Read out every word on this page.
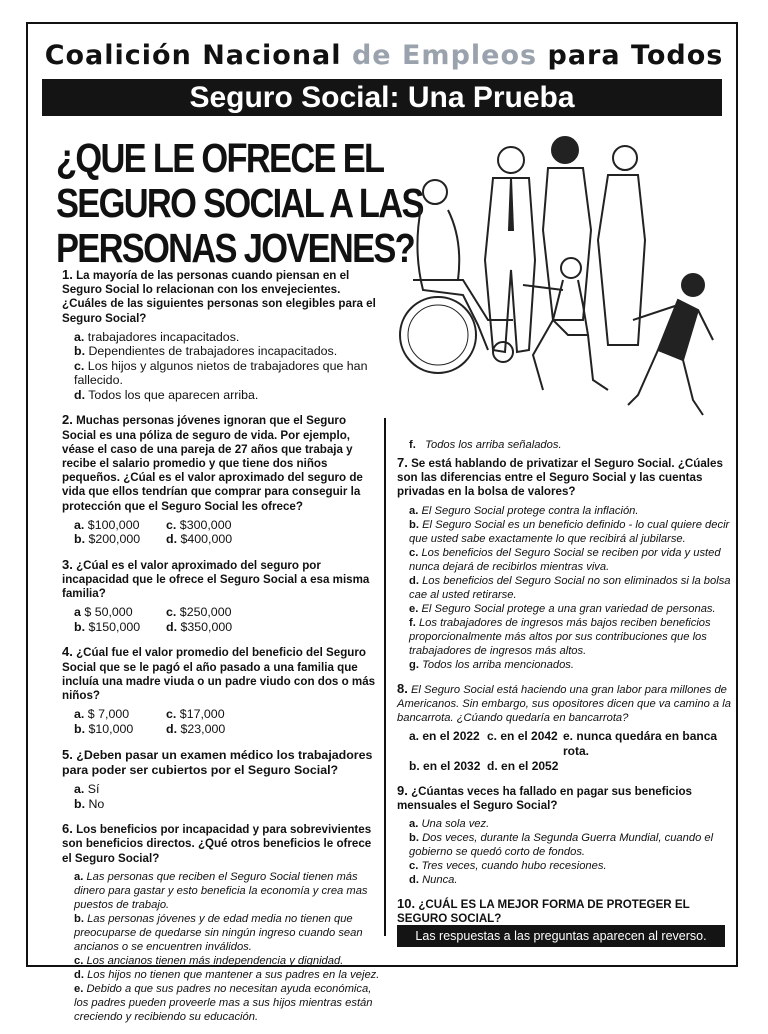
Coalición Nacional de Empleos para Todos
Seguro Social: Una Prueba
¿QUE LE OFRECE EL
SEGURO SOCIAL A LAS
PERSONAS JOVENES?
1. La mayoría de las personas cuando piensan en el Seguro Social lo relacionan con los envejecientes. ¿Cuáles de las siguientes personas son elegibles para el Seguro Social?
a. trabajadores incapacitados.
b. Dependientes de trabajadores incapacitados.
c. Los hijos y algunos nietos de trabajadores que han fallecido.
d. Todos los que aparecen arriba.
2. Muchas personas jóvenes ignoran que el Seguro Social es una póliza de seguro de vida. Por ejemplo, véase el caso de una pareja de 27 años que trabaja y recibe el salario promedio y que tiene dos niños pequeños. ¿Cúal es el valor aproximado del seguro de vida que ellos tendrían que comprar para conseguir la protección que el Seguro Social les ofrece?
a. $100,000	c. $300,000
b. $200,000	d. $400,000
3. ¿Cúal es el valor aproximado del seguro por incapacidad que le ofrece el Seguro Social a esa misma familia?
a $ 50,000	c. $250,000
b. $150,000	d. $350,000
4. ¿Cúal fue el valor promedio del beneficio del Seguro Social que se le pagó el año pasado a una familia que incluía una madre viuda o un padre viudo con dos o más niños?
a. $ 7,000	c. $17,000
b. $10,000	d. $23,000
5. ¿Deben pasar un examen médico los trabajadores para poder ser cubiertos por el Seguro Social?
a. Sí
b. No
6. Los beneficios por incapacidad y para sobrevivientes son beneficios directos. ¿Qué otros beneficios le ofrece el Seguro Social?
a. Las personas que reciben el Seguro Social tienen más dinero para gastar y esto beneficia la economía y crea mas puestos de trabajo.
b. Las personas jóvenes y de edad media no tienen que preocuparse de quedarse sin ningún ingreso cuando sean ancianos o se encuentren inválidos.
c. Los ancianos tienen más independencia y dignidad.
d. Los hijos no tienen que mantener a sus padres en la vejez.
e. Debido a que sus padres no necesitan ayuda económica, los padres pueden proveerle mas a sus hijos mientras están creciendo y recibiendo su educación.
f. Todos los arriba señalados.
7. Se está hablando de privatizar el Seguro Social. ¿Cúales son las diferencias entre el Seguro Social y las cuentas privadas en la bolsa de valores?
a. El Seguro Social protege contra la inflación.
b. El Seguro Social es un beneficio definido - lo cual quiere decir que usted sabe exactamente lo que recibirá al jubilarse.
c. Los beneficios del Seguro Social se reciben por vida y usted nunca dejará de recibirlos mientras viva.
d. Los beneficios del Seguro Social no son eliminados si la bolsa cae al usted retirarse.
e. El Seguro Social protege a una gran variedad de personas.
f. Los trabajadores de ingresos más bajos reciben beneficios proporcionalmente más altos por sus contribuciones que los trabajadores de ingresos más altos.
g. Todos los arriba mencionados.
8. El Seguro Social está haciendo una gran labor para millones de Americanos. Sin embargo, sus opositores dicen que va camino a la bancarrota. ¿Cúando quedaría en bancarrota?
a. en el 2022 c. en el 2042 e. nunca quedára en banca rota.
b. en el 2032 d. en el 2052
9. ¿Cúantas veces ha fallado en pagar sus beneficios mensuales el Seguro Social?
a. Una sola vez.
b. Dos veces, durante la Segunda Guerra Mundial, cuando el gobierno se quedó corto de fondos.
c. Tres veces, cuando hubo recesiones.
d. Nunca.
10. ¿CUÁL ES LA MEJOR FORMA DE PROTEGER EL SEGURO SOCIAL?
Las respuestas a las preguntas aparecen al reverso.
